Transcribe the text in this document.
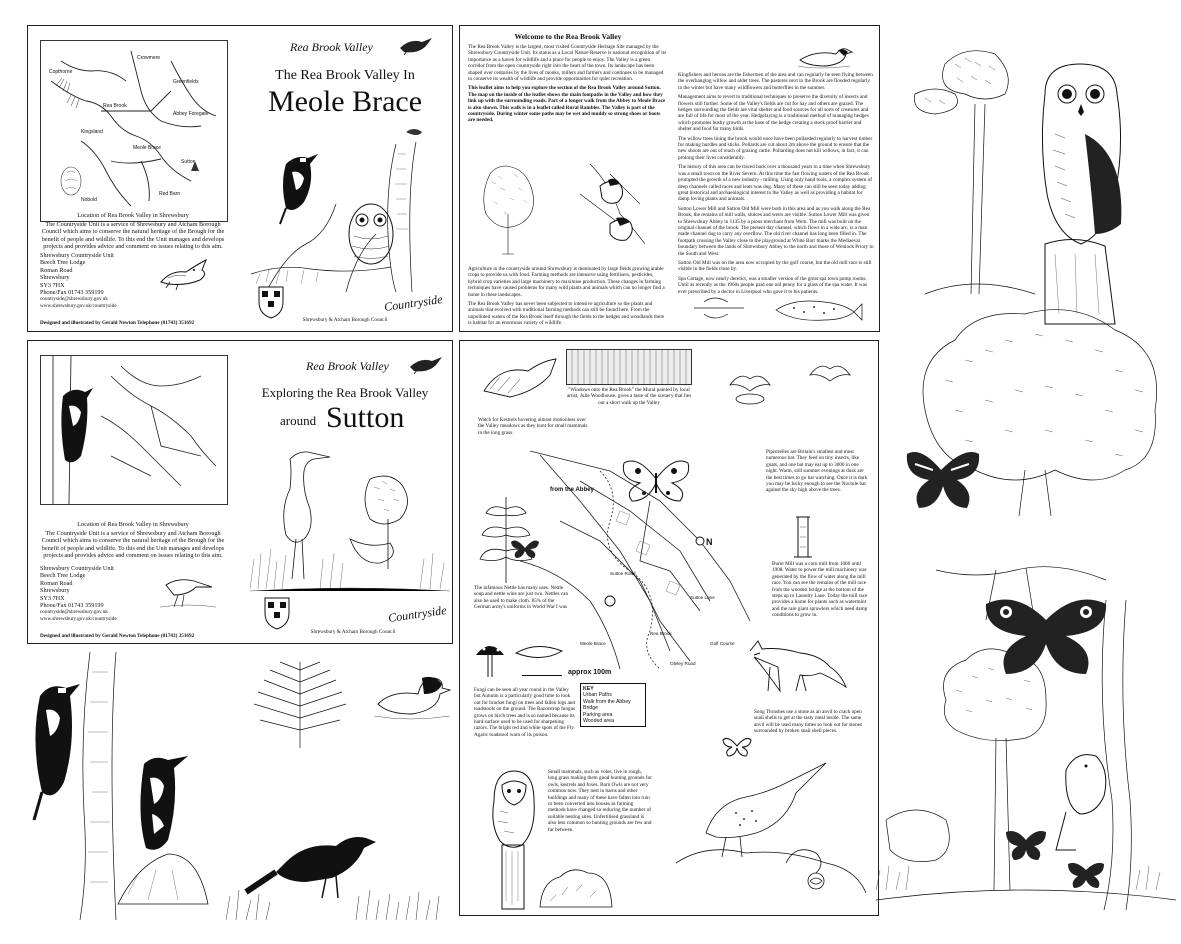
Crowmere
Greenfields
Rea Brook
Meole Brace
Sutton
Nobold
Red Barn
Abbey Foregate
Copthorne
Kingsland
Location of Rea Brook Valley in Shrewsbury
The Countryside Unit is a service of Shrewsbury and Atcham Borough Council which aims to conserve the natural heritage of the Brough for the benefit of people and wildlife. To this end the Unit manages and develops projects and provides advice and comment on issues relating to this aim.
Shrewsbury Countryside Unit
Beech Tree Lodge
Roman Road
Shrewsbury
SY3 7HX
Phone/Fax 01743 359199
countryside@shrewsbury.gov.uk
www.shrewsbury.gov.uk/countryside
Designed and illustrated by Gerald Newton Telephone (01743) 351692
Rea Brook Valley
The Rea Brook Valley In
Meole Brace
Shrewsbury & Atcham Borough Council
Countryside
Welcome to the Rea Brook Valley

The Rea Brook Valley is the largest, most visited Countryside Heritage Site managed by the Shrewsbury Countryside Unit. Its status as a Local Nature Reserve is national recognition of its importance as a haven for wildlife and a place for people to enjoy. The Valley is a green corridor from the open countryside right into the heart of the town. Its landscape has been shaped over centuries by the lives of monks, millers and farmers and continues to be managed to conserve its wealth of wildlife and provide opportunities for quiet recreation.

This leaflet aims to help you explore the section of the Rea Brook Valley around Sutton. The map on the inside of the leaflet shows the main footpaths in the Valley and how they link up with the surrounding roads. Part of a longer walk from the Abbey to Meole Brace is also shown. This walk is in a leaflet called Rural Rambles. The Valley is part of the countryside. During winter some paths may be wet and muddy so strong shoes or boots are needed.

Agriculture in the countryside around Shrewsbury is dominated by large fields growing arable crops to provide us with food. Farming methods are intensive using fertilisers, pesticides, hybrid crop varieties and large machinery to maximise production. These changes in farming techniques have caused problems for many wild plants and animals which can no longer find a home in these landscapes.

The Rea Brook Valley has never been subjected to intensive agriculture so the plants and animals that evolved with traditional farming methods can still be found here. From the unpolluted waters of the Rea Brook itself through the fields to the hedges and woodlands there is habitat for an enormous variety of wildlife.

Kingfishers and herons are the fishermen of the area and can regularly be seen flying between the overhanging willow and alder trees. The pastures next to the Brook are flooded regularly in the winter but have many wildflowers and butterflies in the summer.

Management aims to revert to traditional techniques to preserve the diversity of insects and flowers still further. Some of the Valley's fields are cut for hay and others are grazed. The hedges surrounding the fields are vital shelter and food sources for all sorts of creatures and are full of life for most of the year. Hedgelaying is a traditional method of managing hedges which promotes bushy growth at the base of the hedge creating a stock proof barrier and shelter and food for many birds.

The willow trees lining the brook would once have been pollarded regularly to harvest timber for making hurdles and sticks. Pollards are cut about 2m above the ground to ensure that the new shoots are out of reach of grazing cattle. Pollarding does not kill willows, in fact, it can prolong their lives considerably.

The history of this area can be traced back over a thousand years to a time when Shrewsbury was a small town on the River Severn. At this time the fast flowing waters of the Rea Brook prompted the growth of a new industry - milling. Using only hand tools, a complex system of deep channels called races and leats was dug. Many of these can still be seen today adding great historical and archaeological interest to the Valley as well as providing a habitat for damp loving plants and animals.

Sutton Lower Mill and Sutton Old Mill were both in this area and as you walk along the Rea Brook, the remains of mill walls, sluices and weirs are visible. Sutton Lower Mill was given to Shrewsbury Abbey in 1135 by a pious merchant from Wem. The mill was built on the original channel of the brook. The present day channel, which flows in a wide arc, is a man made channel dug to carry any overflow. The old river channel has long been filled in. The footpath crossing the Valley close to the playground at White Barr marks the Mediaeval boundary between the lands of Shrewsbury Abbey to the north and those of Wenlock Priory to the South and West.

Sutton Old Mill was on the area now occupied by the golf course, but the old mill race is still visible in the fields close by.

Spa Cottage, now nearly derelict, was a smaller version of the great spa town pump rooms. Until as recently as the 1960s people paid one old penny for a glass of the spa water. It was ever prescribed by a doctor in Liverpool who gave it to his patients.

Location of Rea Brook Valley in Shrewsbury
The Countryside Unit is a service of Shrewsbury and Atcham Borough Council which aims to conserve the natural heritage of the Brough for the benefit of people and wildlife. To this end the Unit manages and develops projects and provides advice and comment on issues relating to this aim.
Shrewsbury Countryside Unit
Beech Tree Lodge
Roman Road
Shrewsbury
SY3 7HX
Phone/Fax 01743 359199
countryside@shrewsbury.gov.uk
www.shrewsbury.gov.uk/countryside
Designed and illustrated by Gerald Newton Telephone (01743) 351692
Rea Brook Valley
Exploring the Rea Brook Valley
around Sutton
Shrewsbury & Atcham Borough Council
Countryside
"Windows onto the Rea Brook" the Mural painted by local artist, Julie Woodhouse, gives a taste of the scenery that lies out a short walk up the Valley
Watch for Kestrels hovering almost motionless over the Valley meadows as they hunt for small mammals in the long grass.
Pipistrelles are Britain's smallest and most numerous bat. They feed on tiny insects, like gnats, and one bat may eat up to 3000 in one night. Warm, still summer evenings at dusk are the best times to go bat watching. Once it is dark you may be lucky enough to see the Noctule bat against the sky high above the trees.
from the Abbey
N
The infamous Nettle has many uses. Nettle soup and nettle wine are just two. Nettles can also be used to make cloth. 85% of the German army's uniforms in World War I was
Burnt Mill was a corn mill from 1066 until 1908. Water to power the mill machinery was generated by the flow of water along the mill race. You can see the remains of the mill race from the wooden bridge at the bottom of the steps up to Laundry Lane. Today the mill race provides a home for plants such as watermint and the rare giant sprawlers which need damp conditions to grow in.
approx 100m
Fungi can be seen all year round in the Valley but Autumn is a particularly good time to look out for bracket fungi on trees and fallen logs and toadstools on the ground. The Razorstrop fungus grows on birch trees and is so named because its hard surface used to be used for sharpening razors. The bright red and white spots of the Fly Agaric toadstool warn of its poison.
KEY
Urban Paths
Walk from the Abbey
Bridge
Parking area
Wooded area
Song Thrushes use a stone as an anvil to crack open snail shells to get at the tasty meal inside. The same anvil will be used many times so look out for stones surrounded by broken snail shell pieces.
Small mammals, such as voles, live in rough, long grass making them good hunting grounds for owls, kestrels and foxes. Barn Owls are not very common now. They nest in barns and other buildings and many of these have fallen into ruin or been converted into houses as farming methods have changed so reducing the number of suitable nesting sites. Unfertilised grassland is also less common so hunting grounds are few and far between.
Sutton Road
Rea Brook
Sutton Lane
Oteley Road
Meole Brace	Golf Course
